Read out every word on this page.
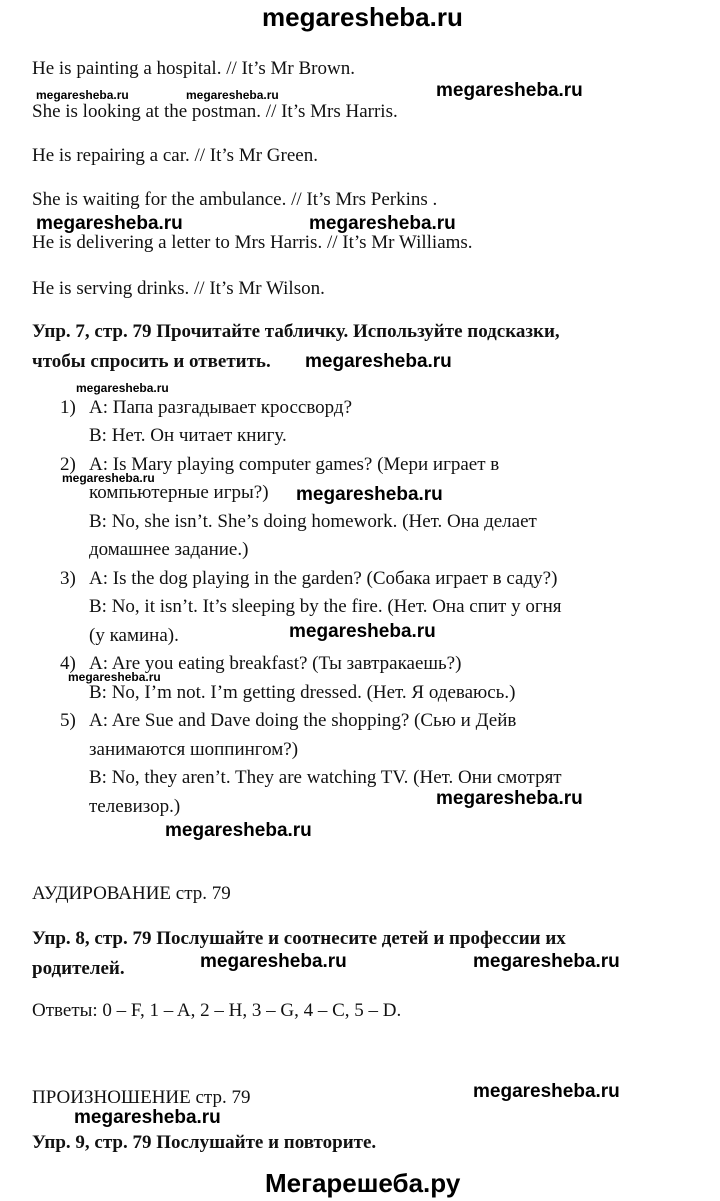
megaresheba.ru
Мегарешеба.ру
He is painting a hospital. // It’s Mr Brown.
She is looking at the postman. // It’s Mrs Harris.
He is repairing a car. // It’s Mr Green.
She is waiting for the ambulance. // It’s Mrs Perkins .
He is delivering a letter to Mrs Harris. // It’s Mr Williams.
He is serving drinks. // It’s Mr Wilson.
Упр. 7, стр. 79 Прочитайте табличку. Используйте подсказки,
чтобы спросить и ответить.
1) A: Папа разгадывает кроссворд?
B: Нет. Он читает книгу.
2) A: Is Mary playing computer games? (Мери играет в
компьютерные игры?)
B: No, she isn’t. She’s doing homework. (Нет. Она делает
домашнее задание.)
3) A: Is the dog playing in the garden? (Собака играет в саду?)
B: No, it isn’t. It’s sleeping by the fire. (Нет. Она спит у огня
(у камина).
4) A: Are you eating breakfast? (Ты завтракаешь?)
B: No, I’m not. I’m getting dressed. (Нет. Я одеваюсь.)
5) A: Are Sue and Dave doing the shopping? (Сью и Дейв
занимаются шоппингом?)
B: No, they aren’t. They are watching TV. (Нет. Они смотрят
телевизор.)
АУДИРОВАНИЕ стр. 79
Упр. 8, стр. 79 Послушайте и соотнесите детей и профессии их
родителей.
Ответы: 0 – F, 1 – A, 2 – H, 3 – G, 4 – C, 5 – D.
ПРОИЗНОШЕНИЕ стр. 79
Упр. 9, стр. 79 Послушайте и повторите.
megaresheba.ru	megaresheba.ru	megaresheba.ru
megaresheba.ru	megaresheba.ru
megaresheba.ru
megaresheba.ru
megaresheba.ru
megaresheba.ru
megaresheba.ru
megaresheba.ru
megaresheba.ru
megaresheba.ru
megaresheba.ru	megaresheba.ru
megaresheba.ru
megaresheba.ru
